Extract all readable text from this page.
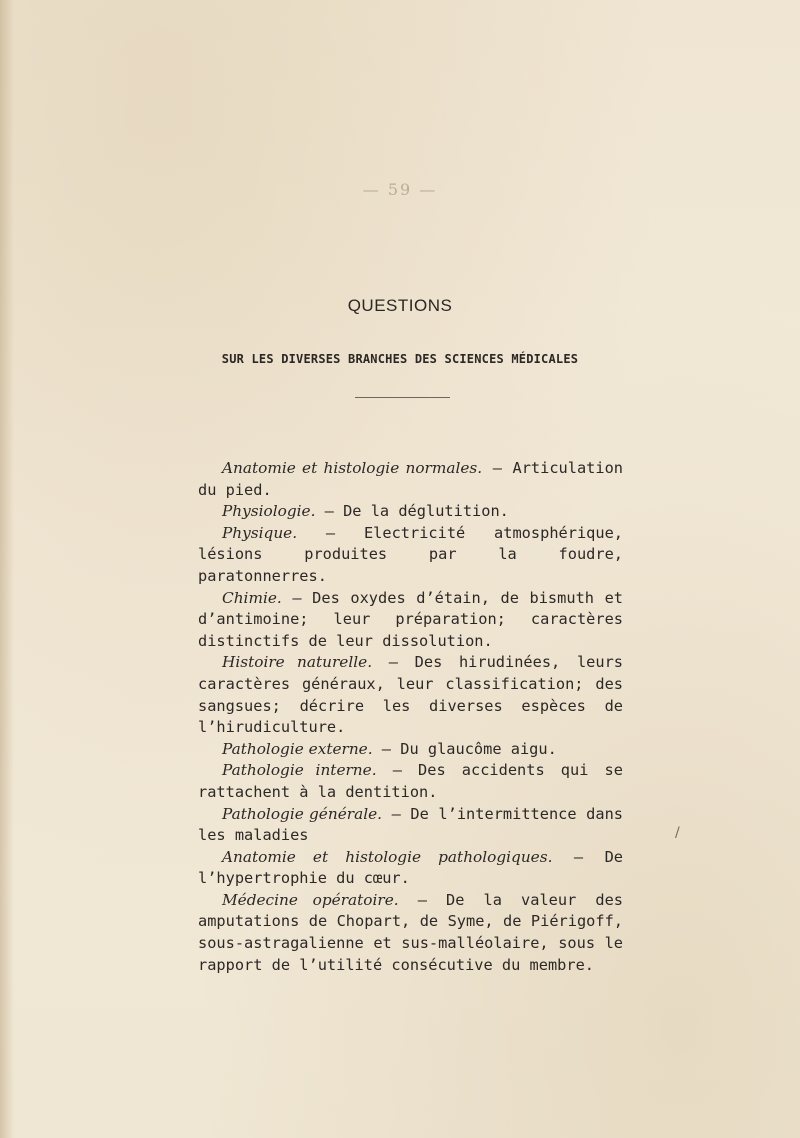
— 59 —
QUESTIONS
SUR LES DIVERSES BRANCHES DES SCIENCES MÉDICALES

Anatomie et histologie normales. — Articulation du pied.

Physiologie. — De la déglutition.

Physique. — Electricité atmosphérique, lésions produites par la foudre, paratonnerres.

Chimie. — Des oxydes d’étain, de bismuth et d’antimoine; leur préparation; caractères distinctifs de leur dissolution.

Histoire naturelle. — Des hirudinées, leurs caractères généraux, leur classification; des sangsues; décrire les diverses espèces de l’hirudiculture.

Pathologie externe. — Du glaucôme aigu.

Pathologie interne. — Des accidents qui se rattachent à la dentition.

Pathologie générale. — De l’intermittence dans les maladies

Anatomie et histologie pathologiques. — De l’hypertrophie du cœur.

Médecine opératoire. — De la valeur des amputations de Chopart, de Syme, de Piérigoff, sous-astragalienne et sus-malléolaire, sous le rapport de l’utilité consécutive du membre.

/
